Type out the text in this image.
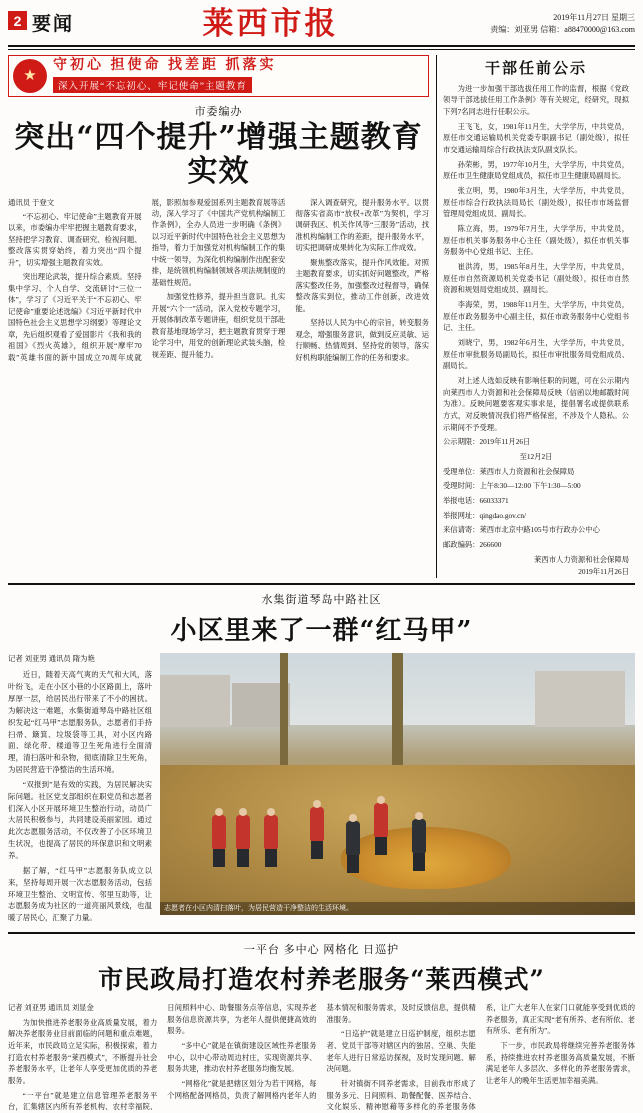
2 要闻	莱西市报	2019年11月27日 星期三
责编：刘亚男 信箱：a88470000@163.com
★
守初心 担使命 找差距 抓落实
深入开展“不忘初心、牢记使命”主题教育
市委编办
突出“四个提升”增强主题教育实效

通讯员 于登文

“不忘初心、牢记使命”主题教育开展以来，市委编办牢牢把握主题教育要求，坚持把学习教育、调查研究、检视问题、整改落实贯穿始终，着力突出“四个提升”，切实增强主题教育实效。

突出理论武装，提升综合素质。坚持集中学习、个人自学、交流研讨“三位一体”，学习了《习近平关于“不忘初心、牢记使命”重要论述选编》《习近平新时代中国特色社会主义思想学习纲要》等理论文章，先后组织观看了爱国影片《我和我的祖国》《烈火英雄》，组织开展“摩牢70载”英雄书面的新中国成立70周年成就展，影照加参观爱国系列主题教育展等活动，深入学习了《中国共产党机构编制工作条例》，全办人员进一步明确《条例》以习近平新时代中国特色社会主义思想为指导，着力于加强党对机构编制工作的集中统一领导，为深化机构编制作出配套安排，是统领机构编制领域各项法规制度的基础性规范。

加强党性修养，提升担当意识。扎实开展“六个一”活动，深入党校专题学习，开展体制改革专题讲座，组织党员干部赴教育基地现场学习，把主题教育贯穿于理论学习中，用党的创新理论武装头脑，检视差距、提升能力。

深入调查研究，提升服务水平。以贯彻落实省高市“放权+改革”为契机，学习调研我区、机关作风等“三服务”活动，找准机构编制工作的差距，提升服务水平，切实把调研成果转化为实际工作成效。

聚焦整改落实，提升作风效能。对照主题教育要求，切实抓好问题整改，严格落实整改任务，加强整改过程督导，确保整改落实到位，推动工作创新，改进效能。

坚持以人民为中心的宗旨，转变服务观念，增强服务意识，做到反应灵敏、运行顺畅、热情周到、坚持党的领导，落实好机构职能编制工作的任务和要求。

干部任前公示

为进一步加强干部选拔任用工作的监督，根据《党政领导干部选拔任用工作条例》等有关规定，经研究，现拟下列7名同志进行任职公示。

王飞飞，女，1981年11月生，大学学历，中共党员，原任市交通运输局机关党委专职副书记（副处级），拟任市交通运输局综合行政执法支队副支队长。

孙荣彬，男，1977年10月生，大学学历，中共党员，原任市卫生健康局党组成员，拟任市卫生健康局副局长。

张立明，男，1980年3月生，大学学历，中共党员，原任市综合行政执法局局长（副处级），拟任市市场监督管理局党组成员、副局长。

陈立海，男，1979年7月生，大学学历，中共党员，原任市机关事务服务中心主任（副处级），拟任市机关事务服务中心党组书记、主任。

崔洪涛，男，1985年8月生，大学学历，中共党员，原任市自然资源局机关党委书记（副处级），拟任市自然资源和规划局党组成员、副局长。

李海荣，男，1988年11月生，大学学历，中共党员，原任市政务服务中心副主任，拟任市政务服务中心党组书记、主任。

刘晓宁，男，1982年6月生，大学学历，中共党员，原任市审批服务局副局长，拟任市审批服务局党组成员、副局长。

对上述人选如反映有影响任职的问题，可在公示期内向莱西市人力资源和社会保障局反映（信函以地邮戳时间为准）。反映问题要客观实事求是，提倡署名或提供联系方式，对反映情况我们将严格保密，不涉及个人隐私。公示期间不予受理。

公示期限：2019年11月26日

至12月2日

受理单位：莱西市人力资源和社会保障局

受理时间：上午8:30—12:00 下午1:30—5:00

举报电话：66033371

举报网址：qingdao.gov.cn/

来信请寄：莱西市北京中路105号市行政办公中心

邮政编码：266600

莱西市人力资源和社会保障局
2019年11月26日
水集街道琴岛中路社区
小区里来了一群“红马甲”

记者 刘亚男 通讯员 隋为艳

近日，随着天高气爽的天气和大风，落叶纷飞，走在小区小巷的小区路面上，落叶厚厚一层，给居民出行带来了不小的困扰。为解决这一难题，水集街道琴岛中路社区组织发起“红马甲”志愿服务队，志愿者们手持扫帚、簸箕、垃圾袋等工具，对小区内路面、绿化带、楼道等卫生死角进行全面清理，清扫落叶和杂物，彻底清除卫生死角，为居民营造干净整洁的生活环境。

“双报到”是有效的实践，为居民解决实际问题。社区党支部组织在职党员和志愿者们深入小区开展环境卫生整治行动，动员广大居民积极参与，共同建设美丽家园。通过此次志愿服务活动，不仅改善了小区环境卫生状况，也提高了居民的环保意识和文明素养。

据了解，“红马甲”志愿服务队成立以来，坚持每周开展一次志愿服务活动，包括环境卫生整治、文明宣传、邻里互助等，让志愿服务成为社区的一道亮丽风景线，也温暖了居民心，汇聚了力量。

志愿者在小区内清扫落叶，为居民营造干净整洁的生活环境。
一平台 多中心 网格化 日巡护
市民政局打造农村养老服务“莱西模式”

记者 刘亚男 通讯员 刘显金

为加快推进养老服务业高质量发展，着力解决养老服务业目前面临的问题和重点难题，近年来，市民政局立足实际，积极探索，着力打造农村养老服务“莱西模式”，不断提升社会养老服务水平，让老年人享受更加优质的养老服务。

“一平台”就是建立信息管理养老服务平台，汇集辖区内所有养老机构、农村幸福院、日间照料中心、助餐服务点等信息，实现养老服务信息资源共享，为老年人提供便捷高效的服务。

“多中心”就是在镇街建设区域性养老服务中心，以中心带动周边村庄，实现资源共享、服务共建，推动农村养老服务均衡发展。

“网格化”就是把辖区划分为若干网格，每个网格配备网格员，负责了解网格内老年人的基本情况和服务需求，及时反馈信息，提供精准服务。

“日巡护”就是建立日巡护制度，组织志愿者、党员干部等对辖区内的独居、空巢、失能老年人进行日常巡访探视，及时发现问题、解决问题。

针对镇街不同养老需求，目前我市形成了服务多元、日间照料、助餐配餐、医养结合、文化娱乐、精神慰藉等多样化的养老服务体系，让广大老年人在家门口就能享受到优质的养老服务，真正实现“老有所养、老有所依、老有所乐、老有所为”。

下一步，市民政局将继续完善养老服务体系，持续推进农村养老服务高质量发展，不断满足老年人多层次、多样化的养老服务需求，让老年人的晚年生活更加幸福美满。
